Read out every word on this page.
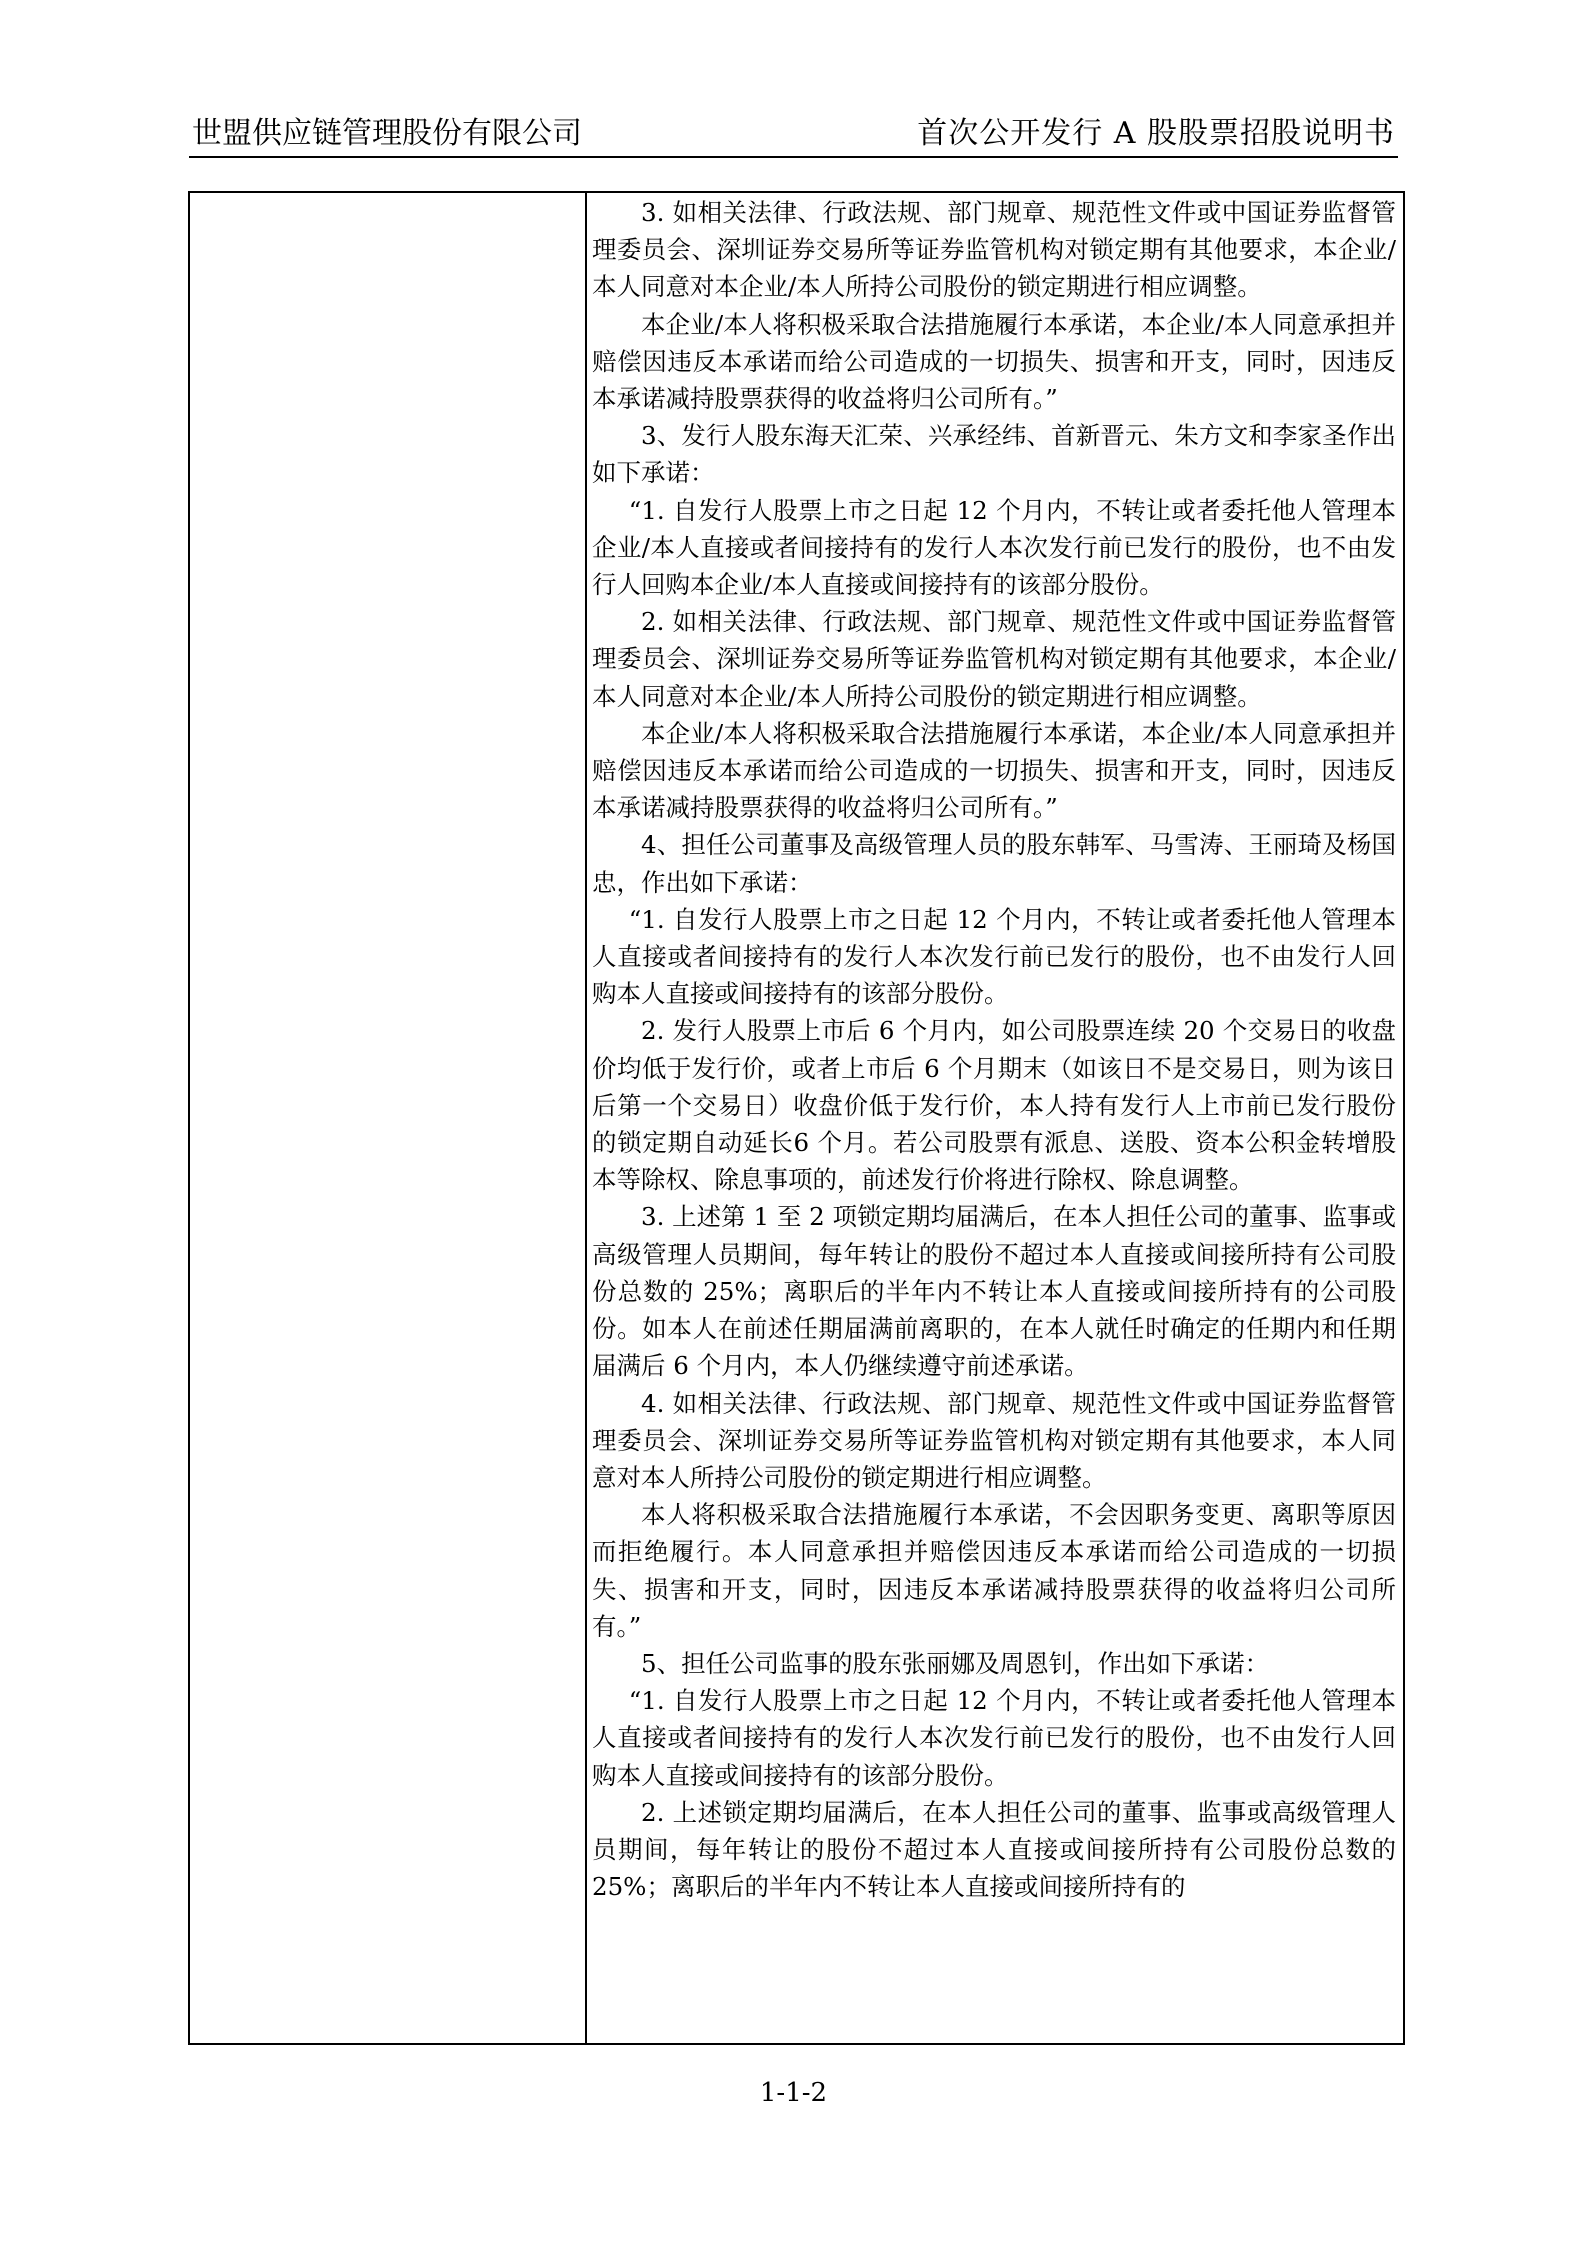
世盟供应链管理股份有限公司	首次公开发行 A 股股票招股说明书

3. 如相关法律、行政法规、部门规章、规范性文件或中国证券监督管理委员会、深圳证券交易所等证券监管机构对锁定期有其他要求，本企业/本人同意对本企业/本人所持公司股份的锁定期进行相应调整。

本企业/本人将积极采取合法措施履行本承诺，本企业/本人同意承担并赔偿因违反本承诺而给公司造成的一切损失、损害和开支，同时，因违反本承诺减持股票获得的收益将归公司所有。”

3、发行人股东海天汇荣、兴承经纬、首新晋元、朱方文和李家圣作出如下承诺：

“1. 自发行人股票上市之日起 12 个月内，不转让或者委托他人管理本企业/本人直接或者间接持有的发行人本次发行前已发行的股份，也不由发行人回购本企业/本人直接或间接持有的该部分股份。

2. 如相关法律、行政法规、部门规章、规范性文件或中国证券监督管理委员会、深圳证券交易所等证券监管机构对锁定期有其他要求，本企业/本人同意对本企业/本人所持公司股份的锁定期进行相应调整。

本企业/本人将积极采取合法措施履行本承诺，本企业/本人同意承担并赔偿因违反本承诺而给公司造成的一切损失、损害和开支，同时，因违反本承诺减持股票获得的收益将归公司所有。”

4、担任公司董事及高级管理人员的股东韩军、马雪涛、王丽琦及杨国忠，作出如下承诺：

“1. 自发行人股票上市之日起 12 个月内，不转让或者委托他人管理本人直接或者间接持有的发行人本次发行前已发行的股份，也不由发行人回购本人直接或间接持有的该部分股份。

2. 发行人股票上市后 6 个月内，如公司股票连续 20 个交易日的收盘价均低于发行价，或者上市后 6 个月期末（如该日不是交易日，则为该日后第一个交易日）收盘价低于发行价，本人持有发行人上市前已发行股份的锁定期自动延长6 个月。若公司股票有派息、送股、资本公积金转增股本等除权、除息事项的，前述发行价将进行除权、除息调整。

3. 上述第 1 至 2 项锁定期均届满后，在本人担任公司的董事、监事或高级管理人员期间，每年转让的股份不超过本人直接或间接所持有公司股份总数的 25%；离职后的半年内不转让本人直接或间接所持有的公司股份。如本人在前述任期届满前离职的，在本人就任时确定的任期内和任期届满后 6 个月内，本人仍继续遵守前述承诺。

4. 如相关法律、行政法规、部门规章、规范性文件或中国证券监督管理委员会、深圳证券交易所等证券监管机构对锁定期有其他要求，本人同意对本人所持公司股份的锁定期进行相应调整。

本人将积极采取合法措施履行本承诺，不会因职务变更、离职等原因而拒绝履行。本人同意承担并赔偿因违反本承诺而给公司造成的一切损失、损害和开支，同时，因违反本承诺减持股票获得的收益将归公司所有。”

5、担任公司监事的股东张丽娜及周恩钊，作出如下承诺：

“1. 自发行人股票上市之日起 12 个月内，不转让或者委托他人管理本人直接或者间接持有的发行人本次发行前已发行的股份，也不由发行人回购本人直接或间接持有的该部分股份。

2. 上述锁定期均届满后，在本人担任公司的董事、监事或高级管理人员期间，每年转让的股份不超过本人直接或间接所持有公司股份总数的 25%；离职后的半年内不转让本人直接或间接所持有的

1-1-2
